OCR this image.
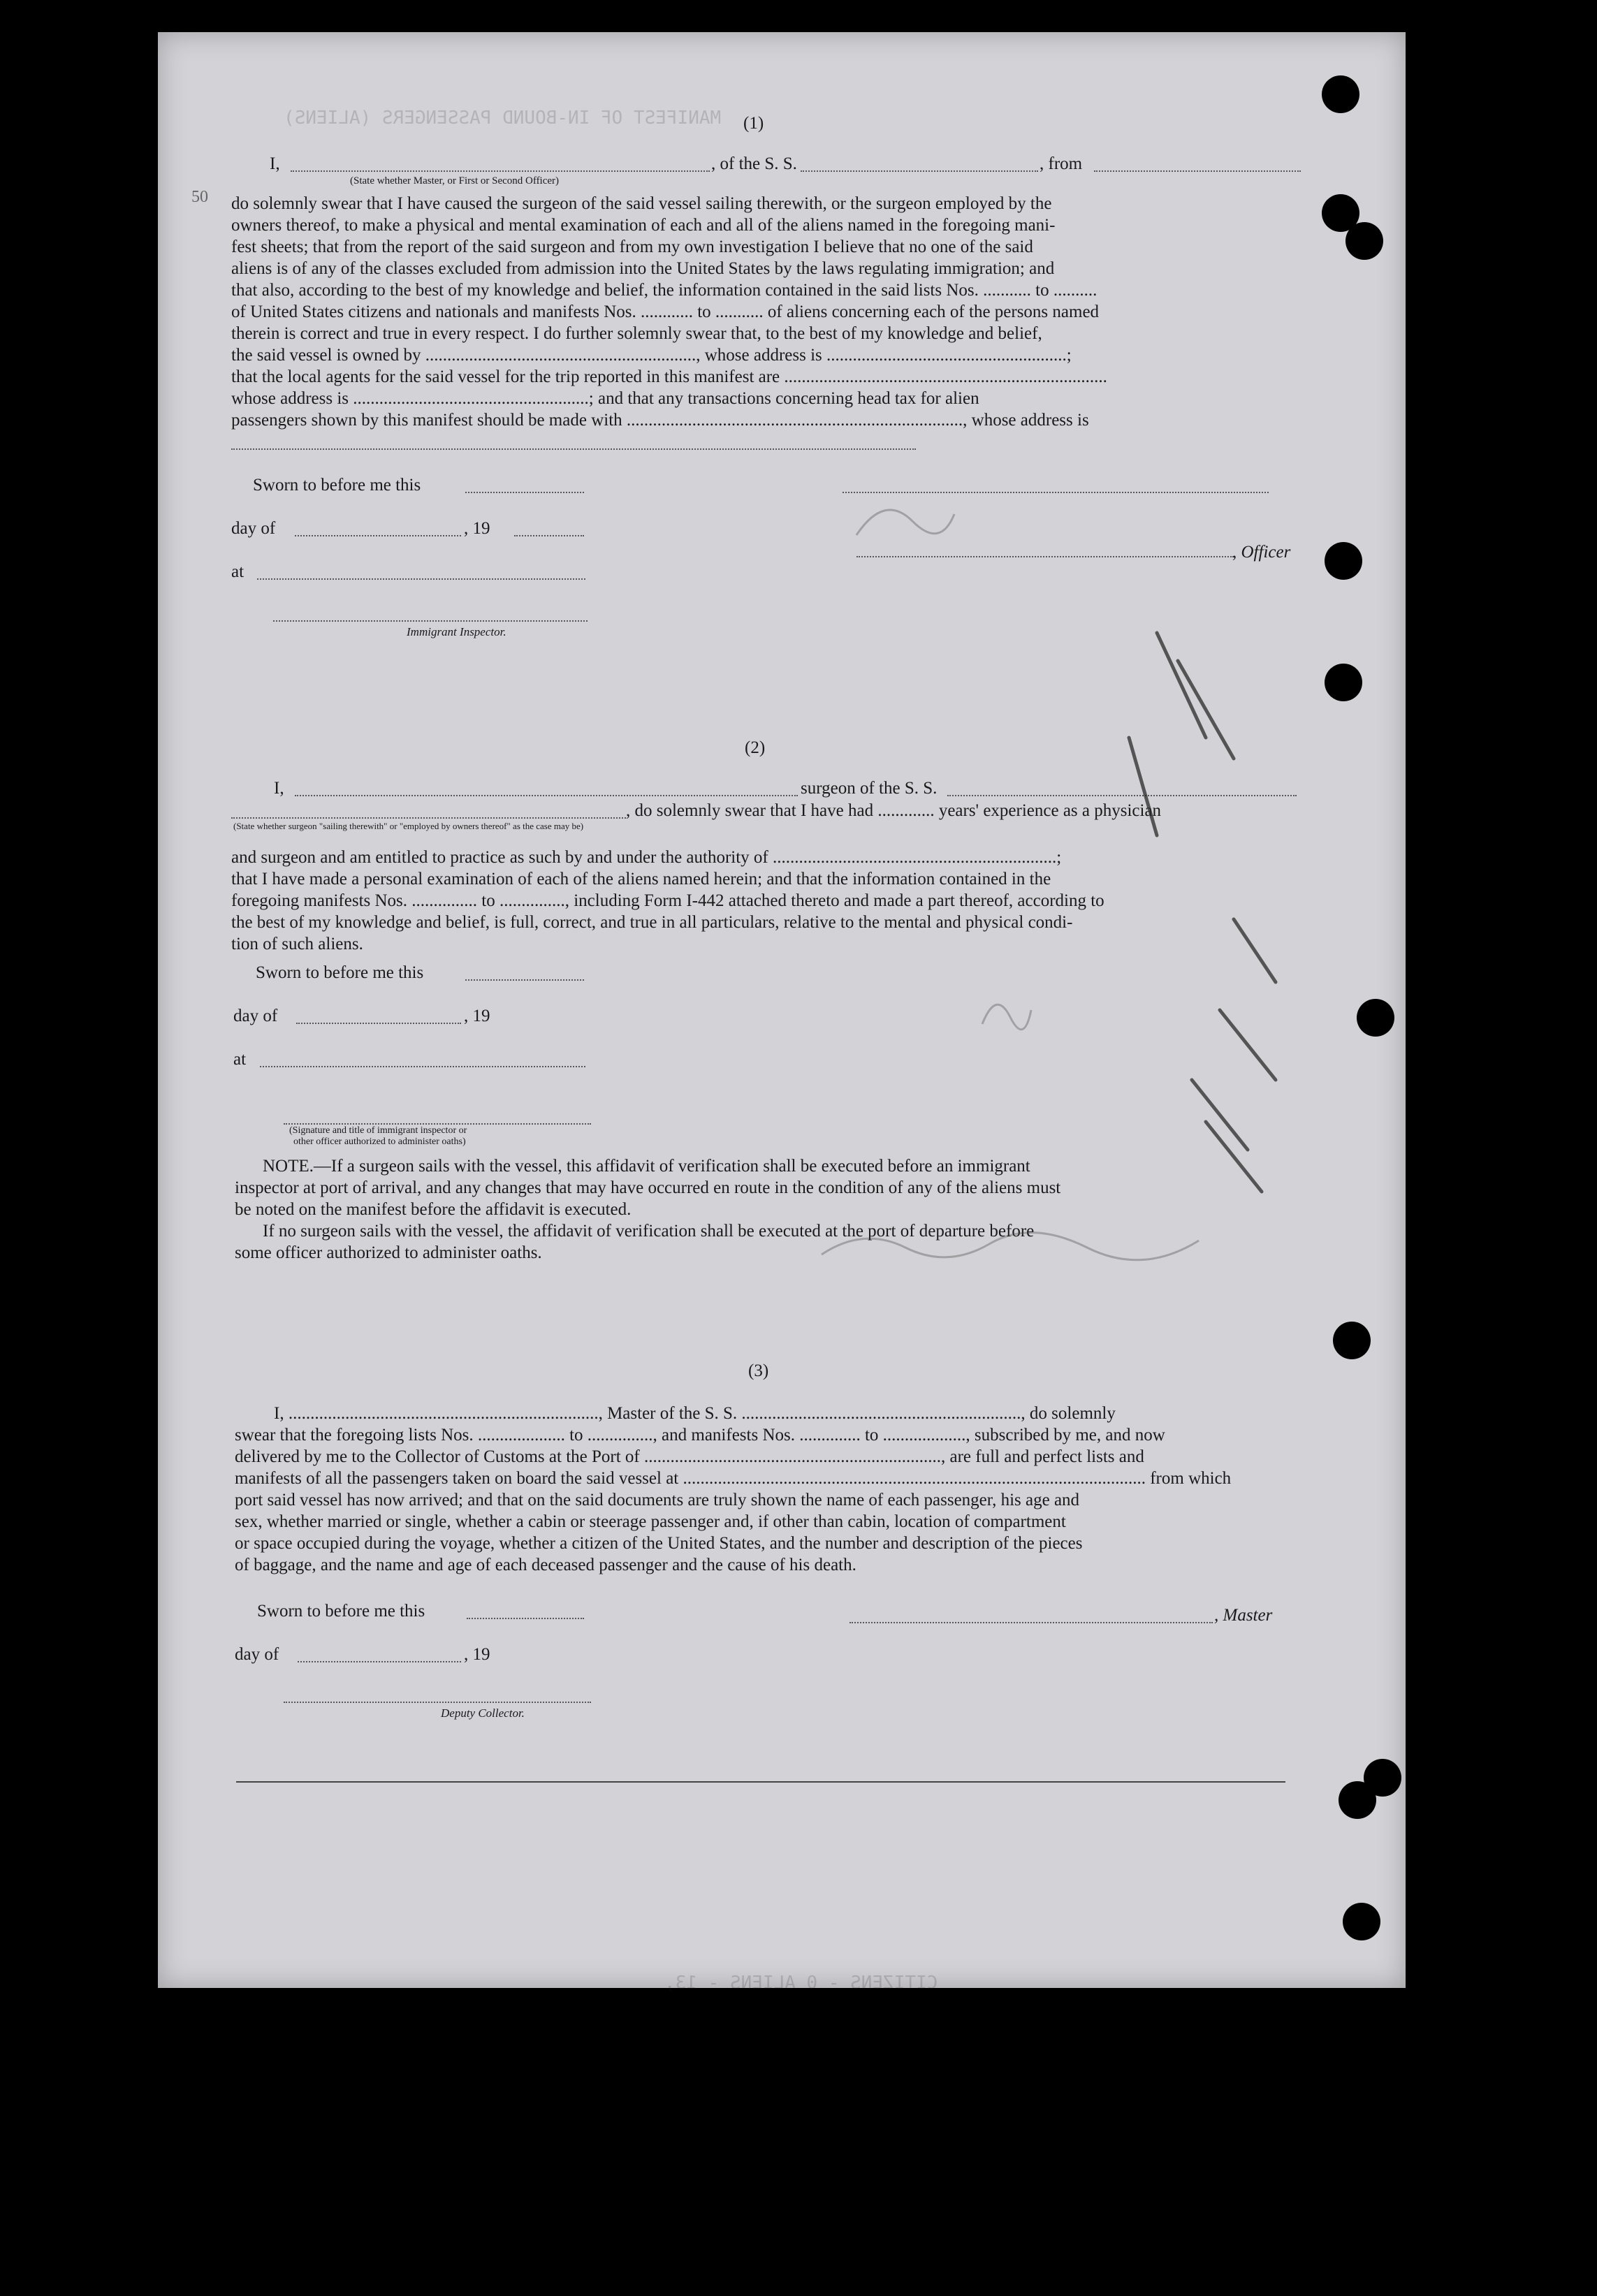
MANIFEST OF IN-BOUND PASSENGERS (ALIENS)
CITIZENS - 0 ALIENS - 13,
50
(1)
I,	, of the S. S.	, from
(State whether Master, or First or Second Officer)
do solemnly swear that I have caused the surgeon of the said vessel sailing therewith, or the surgeon employed by the
owners thereof, to make a physical and mental examination of each and all of the aliens named in the foregoing mani-
fest sheets; that from the report of the said surgeon and from my own investigation I believe that no one of the said
aliens is of any of the classes excluded from admission into the United States by the laws regulating immigration; and
that also, according to the best of my knowledge and belief, the information contained in the said lists Nos. ........... to ..........
of United States citizens and nationals and manifests Nos. ............ to ........... of aliens concerning each of the persons named
therein is correct and true in every respect. I do further solemnly swear that, to the best of my knowledge and belief,
the said vessel is owned by .............................................................., whose address is .......................................................;
that the local agents for the said vessel for the trip reported in this manifest are ..........................................................................
whose address is ......................................................; and that any transactions concerning head tax for alien
passengers shown by this manifest should be made with ............................................................................., whose address is
Sworn to before me this
day of	, 19
, Officer
at
Immigrant Inspector.
(2)
I,	surgeon of the S. S.
, do solemnly swear that I have had ............. years' experience as a physician
(State whether surgeon "sailing therewith" or "employed by owners thereof" as the case may be)
and surgeon and am entitled to practice as such by and under the authority of .................................................................;
that I have made a personal examination of each of the aliens named herein; and that the information contained in the
foregoing manifests Nos. ............... to ..............., including Form I-442 attached thereto and made a part thereof, according to
the best of my knowledge and belief, is full, correct, and true in all particulars, relative to the mental and physical condi-
tion of such aliens.
Sworn to before me this
day of	, 19
at
(Signature and title of immigrant inspector or
other officer authorized to administer oaths)
NOTE.—If a surgeon sails with the vessel, this affidavit of verification shall be executed before an immigrant
inspector at port of arrival, and any changes that may have occurred en route in the condition of any of the aliens must
be noted on the manifest before the affidavit is executed.
If no surgeon sails with the vessel, the affidavit of verification shall be executed at the port of departure before
some officer authorized to administer oaths.
(3)
I, ......................................................................., Master of the S. S. ................................................................, do solemnly
swear that the foregoing lists Nos. .................... to ..............., and manifests Nos. .............. to ..................., subscribed by me, and now
delivered by me to the Collector of Customs at the Port of ...................................................................., are full and perfect lists and
manifests of all the passengers taken on board the said vessel at .......................................................................................................... from which
port said vessel has now arrived; and that on the said documents are truly shown the name of each passenger, his age and
sex, whether married or single, whether a cabin or steerage passenger and, if other than cabin, location of compartment
or space occupied during the voyage, whether a citizen of the United States, and the number and description of the pieces
of baggage, and the name and age of each deceased passenger and the cause of his death.
Sworn to before me this	, Master
day of	, 19
Deputy Collector.
